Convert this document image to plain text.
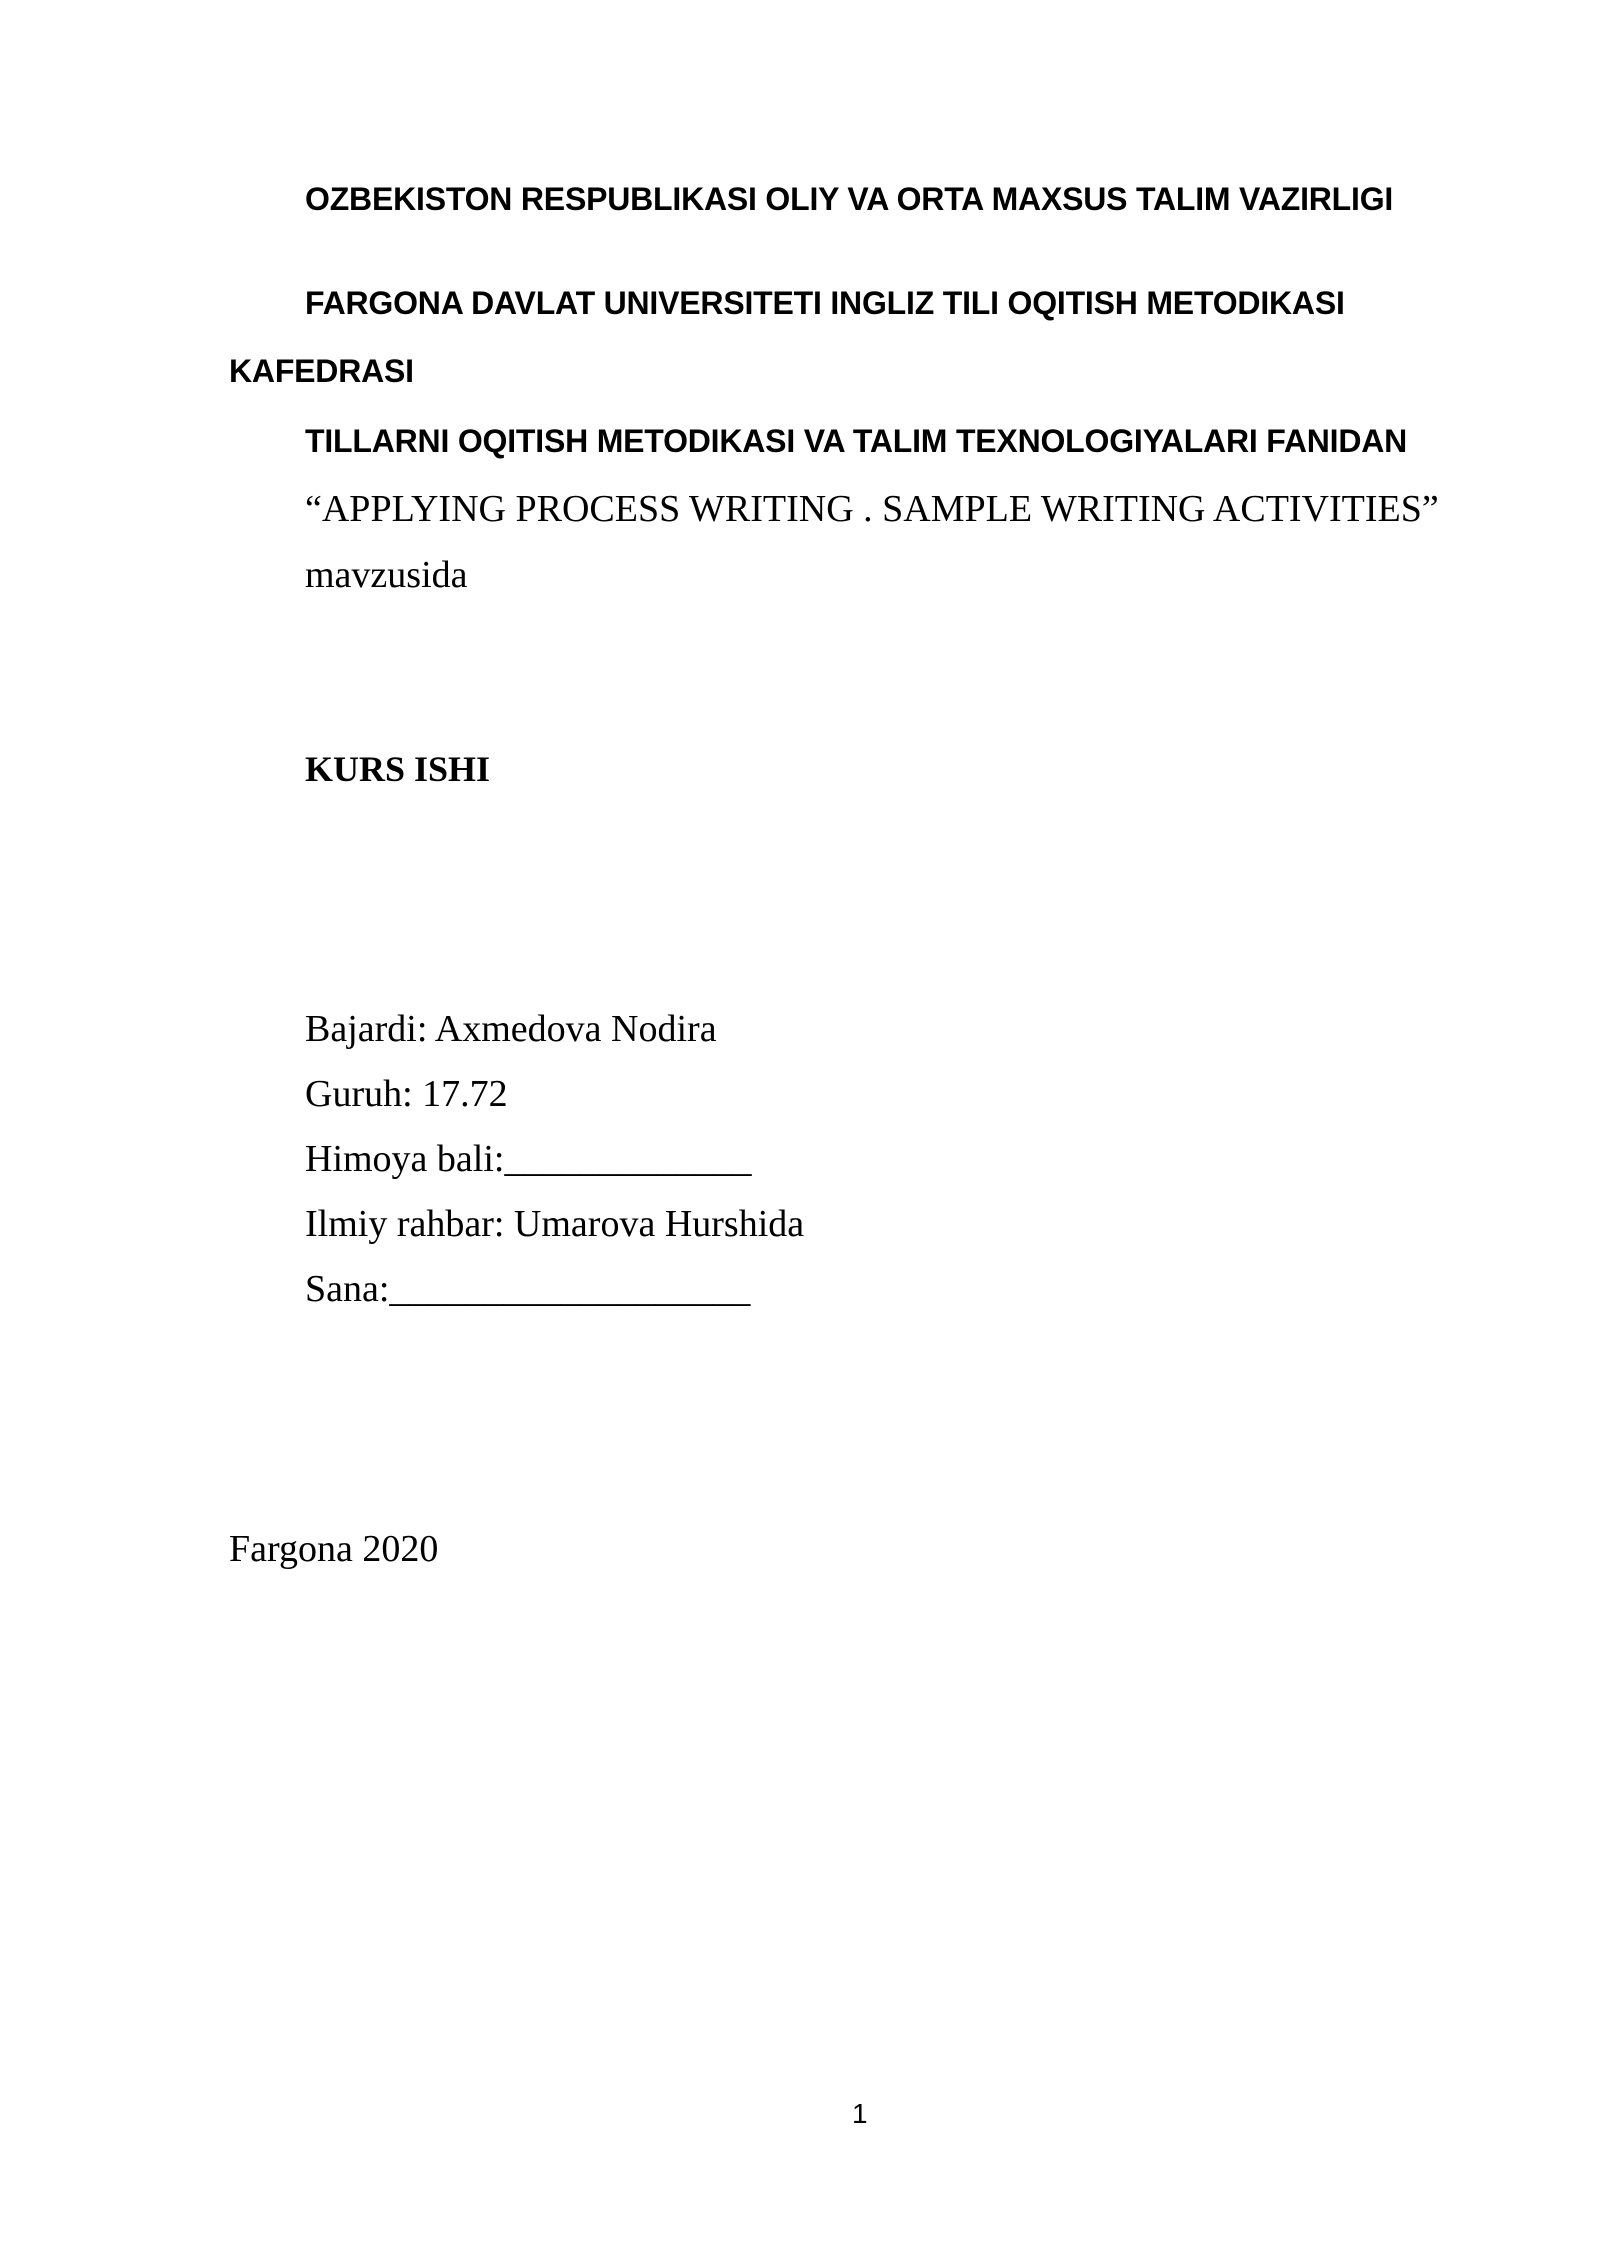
OZBEKISTON RESPUBLIKASI OLIY VA ORTA MAXSUS TALIM VAZIRLIGI
FARGONA DAVLAT UNIVERSITETI INGLIZ TILI OQITISH METODIKASI
KAFEDRASI
TILLARNI OQITISH METODIKASI VA TALIM TEXNOLOGIYALARI FANIDAN
“APPLYING PROCESS WRITING . SAMPLE WRITING ACTIVITIES”
mavzusida
KURS ISHI
Bajardi: Axmedova Nodira
Guruh: 17.72
Himoya bali:_____________
Ilmiy rahbar: Umarova Hurshida
Sana:___________________
Fargona 2020
1
